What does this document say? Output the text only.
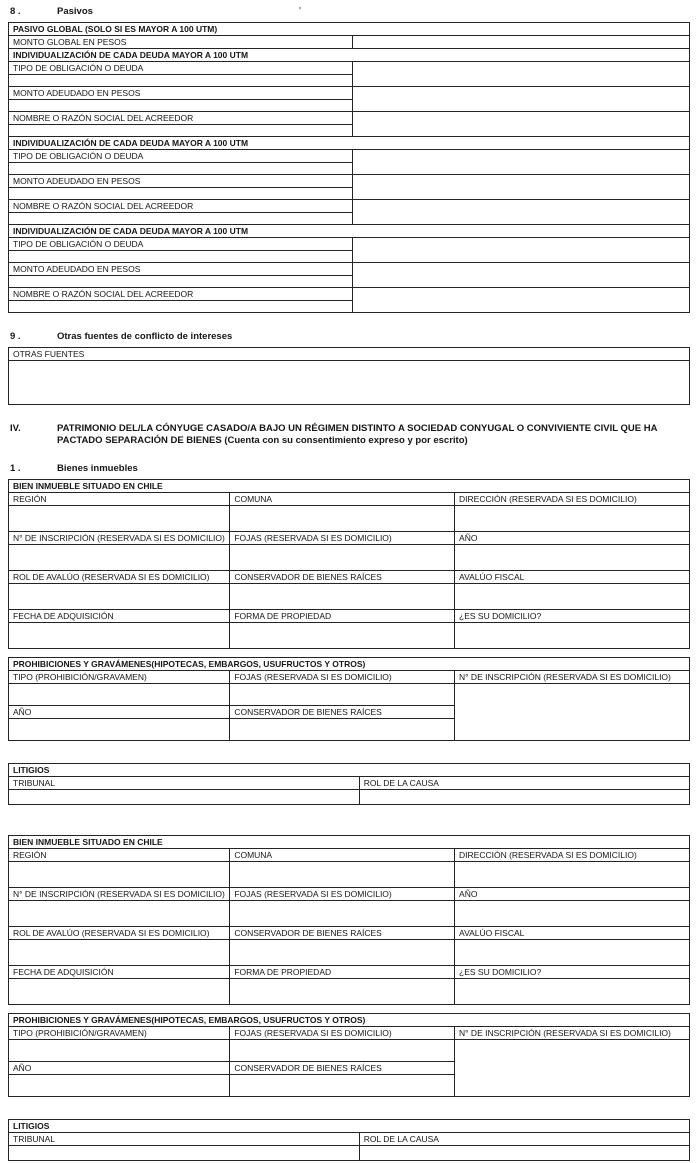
'
8 .	Pasivos
PASIVO GLOBAL (SOLO SI ES MAYOR A 100 UTM)	
MONTO GLOBAL EN PESOS	
INDIVIDUALIZACIÓN DE CADA DEUDA MAYOR A 100 UTM	

TIPO DE OBLIGACIÓN O DEUDA	

MONTO ADEUDADO EN PESOS	

NOMBRE O RAZÓN SOCIAL DEL ACREEDOR	

INDIVIDUALIZACIÓN DE CADA DEUDA MAYOR A 100 UTM	

TIPO DE OBLIGACIÓN O DEUDA	

MONTO ADEUDADO EN PESOS	

NOMBRE O RAZÓN SOCIAL DEL ACREEDOR	

INDIVIDUALIZACIÓN DE CADA DEUDA MAYOR A 100 UTM	

TIPO DE OBLIGACIÓN O DEUDA	

MONTO ADEUDADO EN PESOS	

NOMBRE O RAZÓN SOCIAL DEL ACREEDOR	

9 .	Otras fuentes de conflicto de intereses
OTRAS FUENTES

IV.	PATRIMONIO DEL/LA CÓNYUGE CASADO/A BAJO UN RÉGIMEN DISTINTO A SOCIEDAD CONYUGAL O CONVIVIENTE CIVIL QUE HA PACTADO SEPARACIÓN DE BIENES (Cuenta con su consentimiento expreso y por escrito)
1 .	Bienes inmuebles
BIEN INMUEBLE SITUADO EN CHILE		

REGIÓN	COMUNA	DIRECCIÓN (RESERVADA SI ES DOMICILIO)

N° DE INSCRIPCIÓN (RESERVADA SI ES DOMICILIO)	FOJAS (RESERVADA SI ES DOMICILIO)	AÑO

ROL DE AVALÚO (RESERVADA SI ES DOMICILIO)	CONSERVADOR DE BIENES RAÍCES	AVALÚO FISCAL

FECHA DE ADQUISICIÓN	FORMA DE PROPIEDAD	¿ES SU DOMICILIO?
PROHIBICIONES Y GRAVÁMENES(HIPOTECAS, EMBARGOS, USUFRUCTOS Y OTROS)		

TIPO (PROHIBICIÓN/GRAVAMEN)	FOJAS (RESERVADA SI ES DOMICILIO)	N° DE INSCRIPCIÓN (RESERVADA SI ES DOMICILIO)

AÑO	CONSERVADOR DE BIENES RAÍCES	
LITIGIOS

TRIBUNAL	ROL DE LA CAUSA
BIEN INMUEBLE SITUADO EN CHILE		

REGIÓN	COMUNA	DIRECCIÓN (RESERVADA SI ES DOMICILIO)

N° DE INSCRIPCIÓN (RESERVADA SI ES DOMICILIO)	FOJAS (RESERVADA SI ES DOMICILIO)	AÑO

ROL DE AVALÚO (RESERVADA SI ES DOMICILIO)	CONSERVADOR DE BIENES RAÍCES	AVALÚO FISCAL

FECHA DE ADQUISICIÓN	FORMA DE PROPIEDAD	¿ES SU DOMICILIO?
PROHIBICIONES Y GRAVÁMENES(HIPOTECAS, EMBARGOS, USUFRUCTOS Y OTROS)		

TIPO (PROHIBICIÓN/GRAVAMEN)	FOJAS (RESERVADA SI ES DOMICILIO)	N° DE INSCRIPCIÓN (RESERVADA SI ES DOMICILIO)

AÑO	CONSERVADOR DE BIENES RAÍCES	
LITIGIOS

TRIBUNAL	ROL DE LA CAUSA
